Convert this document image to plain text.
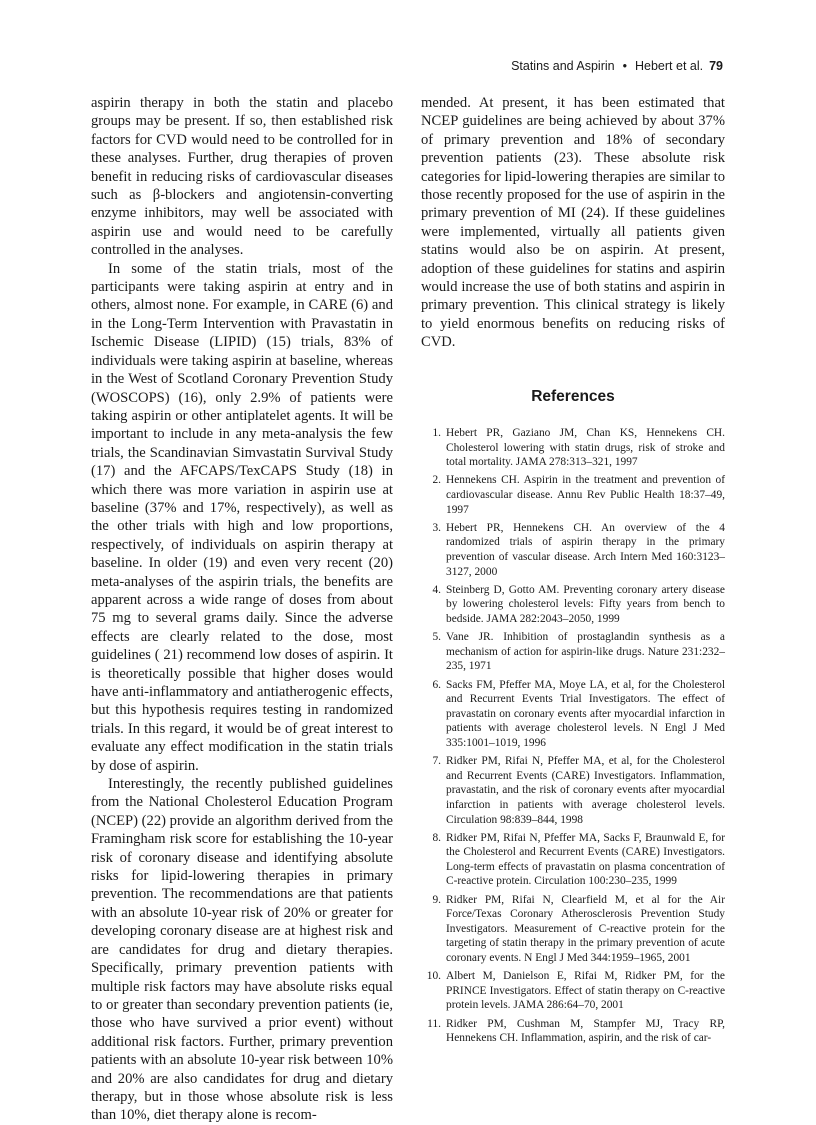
Statins and Aspirin • Hebert et al. 79

aspirin therapy in both the statin and placebo groups may be present. If so, then established risk factors for CVD would need to be controlled for in these analyses. Further, drug therapies of proven benefit in reducing risks of cardiovascular diseases such as β-blockers and angiotensin-converting enzyme inhibitors, may well be associated with aspirin use and would need to be carefully controlled in the analyses.

In some of the statin trials, most of the participants were taking aspirin at entry and in others, almost none. For example, in CARE (6) and in the Long-Term Intervention with Pravastatin in Ischemic Disease (LIPID) (15) trials, 83% of individuals were taking aspirin at baseline, whereas in the West of Scotland Coronary Prevention Study (WOSCOPS) (16), only 2.9% of patients were taking aspirin or other antiplatelet agents. It will be important to include in any meta-analysis the few trials, the Scandinavian Simvastatin Survival Study (17) and the AFCAPS/TexCAPS Study (18) in which there was more variation in aspirin use at baseline (37% and 17%, respectively), as well as the other trials with high and low proportions, respectively, of individuals on aspirin therapy at baseline. In older (19) and even very recent (20) meta-analyses of the aspirin trials, the benefits are apparent across a wide range of doses from about 75 mg to several grams daily. Since the adverse effects are clearly related to the dose, most guidelines ( 21) recommend low doses of aspirin. It is theoretically possible that higher doses would have anti-inflammatory and antiatherogenic effects, but this hypothesis requires testing in randomized trials. In this regard, it would be of great interest to evaluate any effect modification in the statin trials by dose of aspirin.

Interestingly, the recently published guidelines from the National Cholesterol Education Program (NCEP) (22) provide an algorithm derived from the Framingham risk score for establishing the 10-year risk of coronary disease and identifying absolute risks for lipid-lowering therapies in primary prevention. The recommendations are that patients with an absolute 10-year risk of 20% or greater for developing coronary disease are at highest risk and are candidates for drug and dietary therapies. Specifically, primary prevention patients with multiple risk factors may have absolute risks equal to or greater than secondary prevention patients (ie, those who have survived a prior event) without additional risk factors. Further, primary prevention patients with an absolute 10-year risk between 10% and 20% are also candidates for drug and dietary therapy, but in those whose absolute risk is less than 10%, diet therapy alone is recom-

mended. At present, it has been estimated that NCEP guidelines are being achieved by about 37% of primary prevention and 18% of secondary prevention patients (23). These absolute risk categories for lipid-lowering therapies are similar to those recently proposed for the use of aspirin in the primary prevention of MI (24). If these guidelines were implemented, virtually all patients given statins would also be on aspirin. At present, adoption of these guidelines for statins and aspirin would increase the use of both statins and aspirin in primary prevention. This clinical strategy is likely to yield enormous benefits on reducing risks of CVD.

References
1. Hebert PR, Gaziano JM, Chan KS, Hennekens CH. Cholesterol lowering with statin drugs, risk of stroke and total mortality. JAMA 278:313–321, 1997
2. Hennekens CH. Aspirin in the treatment and prevention of cardiovascular disease. Annu Rev Public Health 18:37–49, 1997
3. Hebert PR, Hennekens CH. An overview of the 4 randomized trials of aspirin therapy in the primary prevention of vascular disease. Arch Intern Med 160:3123–3127, 2000
4. Steinberg D, Gotto AM. Preventing coronary artery disease by lowering cholesterol levels: Fifty years from bench to bedside. JAMA 282:2043–2050, 1999
5. Vane JR. Inhibition of prostaglandin synthesis as a mechanism of action for aspirin-like drugs. Nature 231:232–235, 1971
6. Sacks FM, Pfeffer MA, Moye LA, et al, for the Cholesterol and Recurrent Events Trial Investigators. The effect of pravastatin on coronary events after myocardial infarction in patients with average cholesterol levels. N Engl J Med 335:1001–1019, 1996
7. Ridker PM, Rifai N, Pfeffer MA, et al, for the Cholesterol and Recurrent Events (CARE) Investigators. Inflammation, pravastatin, and the risk of coronary events after myocardial infarction in patients with average cholesterol levels. Circulation 98:839–844, 1998
8. Ridker PM, Rifai N, Pfeffer MA, Sacks F, Braunwald E, for the Cholesterol and Recurrent Events (CARE) Investigators. Long-term effects of pravastatin on plasma concentration of C-reactive protein. Circulation 100:230–235, 1999
9. Ridker PM, Rifai N, Clearfield M, et al for the Air Force/Texas Coronary Atherosclerosis Prevention Study Investigators. Measurement of C-reactive protein for the targeting of statin therapy in the primary prevention of acute coronary events. N Engl J Med 344:1959–1965, 2001
10. Albert M, Danielson E, Rifai M, Ridker PM, for the PRINCE Investigators. Effect of statin therapy on C-reactive protein levels. JAMA 286:64–70, 2001
11. Ridker PM, Cushman M, Stampfer MJ, Tracy RP, Hennekens CH. Inflammation, aspirin, and the risk of car-
